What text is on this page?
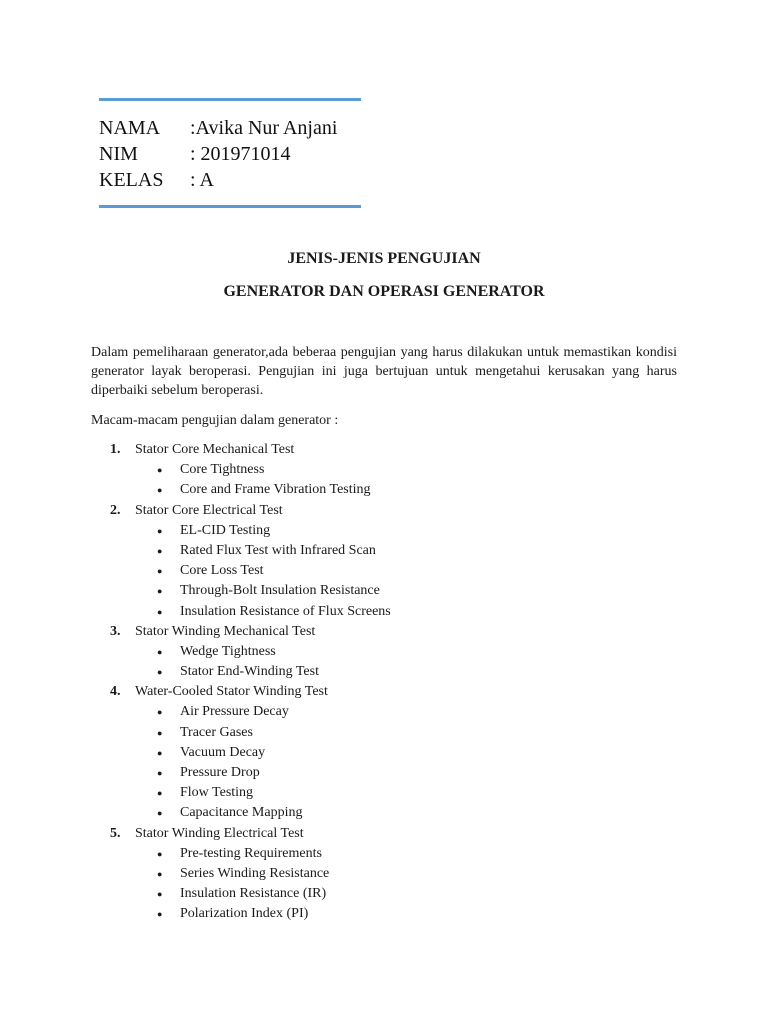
NAMA	:Avika Nur Anjani
NIM	: 201971014
KELAS	: A
JENIS-JENIS PENGUJIAN
GENERATOR DAN OPERASI GENERATOR

Dalam pemeliharaan generator,ada beberaa pengujian yang harus dilakukan untuk memastikan kondisi generator layak beroperasi. Pengujian ini juga bertujuan untuk mengetahui kerusakan yang harus diperbaiki sebelum beroperasi.

Macam-macam pengujian dalam generator :

1.	Stator Core Mechanical Test
●	Core Tightness
●	Core and Frame Vibration Testing
2.	Stator Core Electrical Test
●	EL-CID Testing
●	Rated Flux Test with Infrared Scan
●	Core Loss Test
●	Through-Bolt Insulation Resistance
●	Insulation Resistance of Flux Screens
3.	Stator Winding Mechanical Test
●	Wedge Tightness
●	Stator End-Winding Test
4.	Water-Cooled Stator Winding Test
●	Air Pressure Decay
●	Tracer Gases
●	Vacuum Decay
●	Pressure Drop
●	Flow Testing
●	Capacitance Mapping
5.	Stator Winding Electrical Test
●	Pre-testing Requirements
●	Series Winding Resistance
●	Insulation Resistance (IR)
●	Polarization Index (PI)
